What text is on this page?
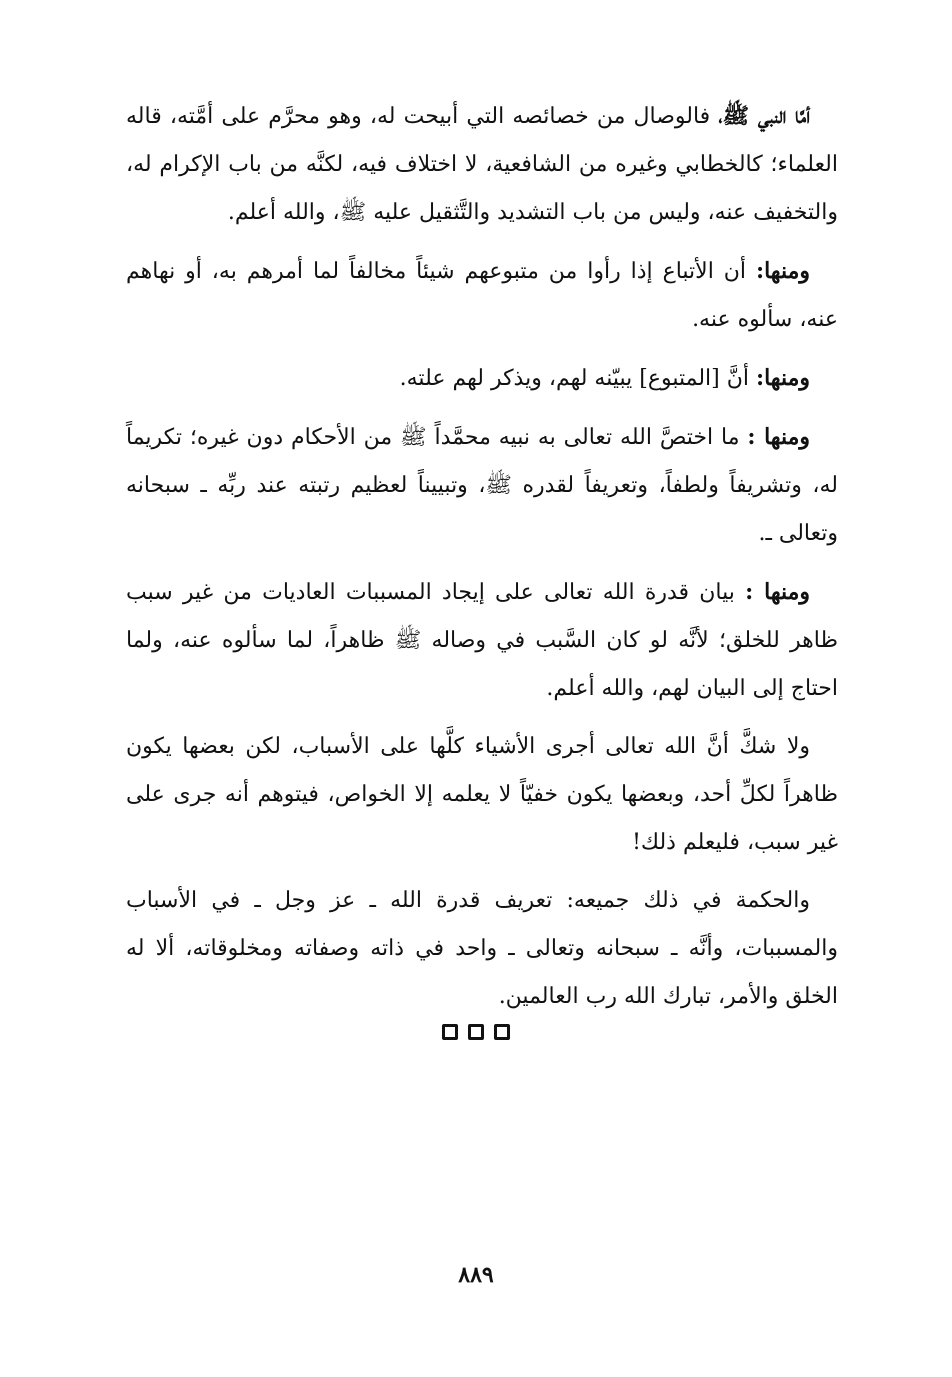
أمَّا النبي ﷺ، فالوصال من خصائصه التي أبيحت له، وهو محرَّم على أمَّته، قاله العلماء؛ كالخطابي وغيره من الشافعية، لا اختلاف فيه، لكنَّه من باب الإكرام له، والتخفيف عنه، وليس من باب التشديد والتَّثقيل عليه ﷺ، والله أعلم.

ومنها: أن الأتباع إذا رأوا من متبوعهم شيئاً مخالفاً لما أمرهم به، أو نهاهم عنه، سألوه عنه.

ومنها: أنَّ [المتبوع] يبيّنه لهم، ويذكر لهم علته.

ومنها : ما اختصَّ الله تعالى به نبيه محمَّداً ﷺ من الأحكام دون غيره؛ تكريماً له، وتشريفاً ولطفاً، وتعريفاً لقدره ﷺ، وتبييناً لعظيم رتبته عند ربِّه ـ سبحانه وتعالى ـ.

ومنها : بيان قدرة الله تعالى على إيجاد المسببات العاديات من غير سبب ظاهر للخلق؛ لأنَّه لو كان السَّبب في وصاله ﷺ ظاهراً، لما سألوه عنه، ولما احتاج إلى البيان لهم، والله أعلم.

ولا شكَّ أنَّ الله تعالى أجرى الأشياء كلَّها على الأسباب، لكن بعضها يكون ظاهراً لكلِّ أحد، وبعضها يكون خفيّاً لا يعلمه إلا الخواص، فيتوهم أنه جرى على غير سبب، فليعلم ذلك!

والحكمة في ذلك جميعه: تعريف قدرة الله ـ عز وجل ـ في الأسباب والمسببات، وأنَّه ـ سبحانه وتعالى ـ واحد في ذاته وصفاته ومخلوقاته، ألا له الخلق والأمر، تبارك الله رب العالمين.

٨٨٩
